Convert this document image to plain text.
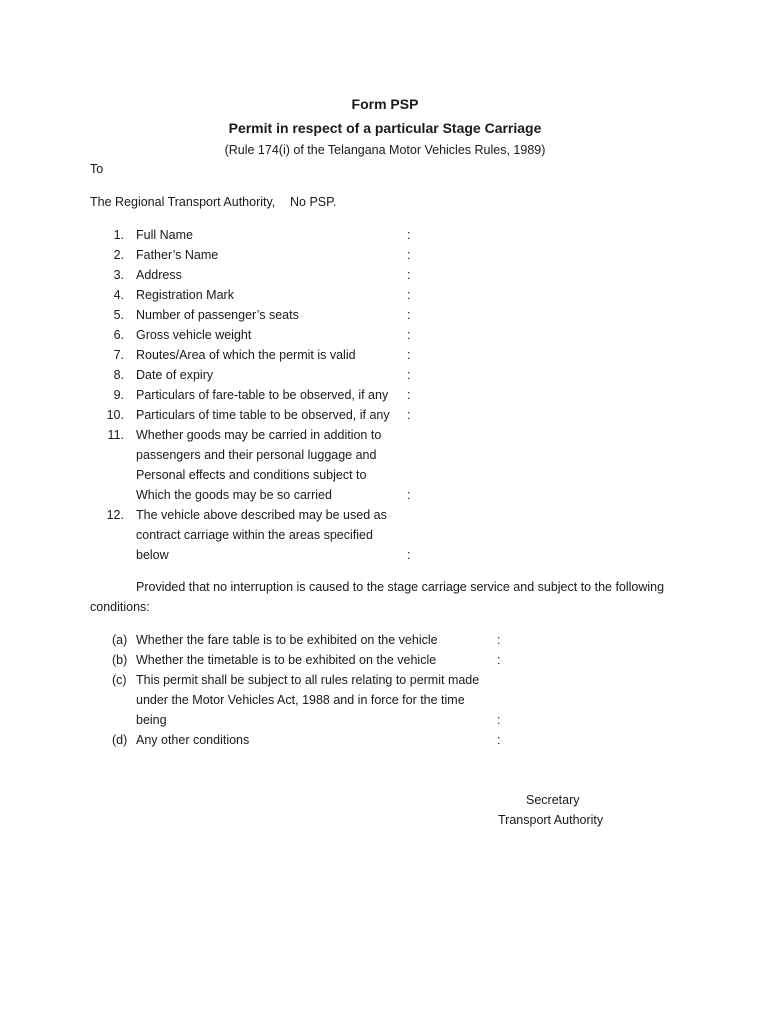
Form PSP
Permit in respect of a particular Stage Carriage
(Rule 174(i) of the Telangana Motor Vehicles Rules, 1989)
To
The Regional Transport Authority, No PSP.
1. Full Name	:
2. Father’s Name	:
3. Address	:
4. Registration Mark	:
5. Number of passenger’s seats	:
6. Gross vehicle weight	:
7. Routes/Area of which the permit is valid	:
8. Date of expiry	:
9. Particulars of fare-table to be observed, if any :
10. Particulars of time table to be observed, if any :
11. Whether goods may be carried in addition to
passengers and their personal luggage and
Personal effects and conditions subject to
Which the goods may be so carried	:
12. The vehicle above described may be used as
contract carriage within the areas specified
below	:
Provided that no interruption is caused to the stage carriage service and subject to the following
conditions:
(a) Whether the fare table is to be exhibited on the vehicle	:
(b) Whether the timetable is to be exhibited on the vehicle	:
(c) This permit shall be subject to all rules relating to permit made
under the Motor Vehicles Act, 1988 and in force for the time
being	:
(d) Any other conditions	:
Secretary
Transport Authority
